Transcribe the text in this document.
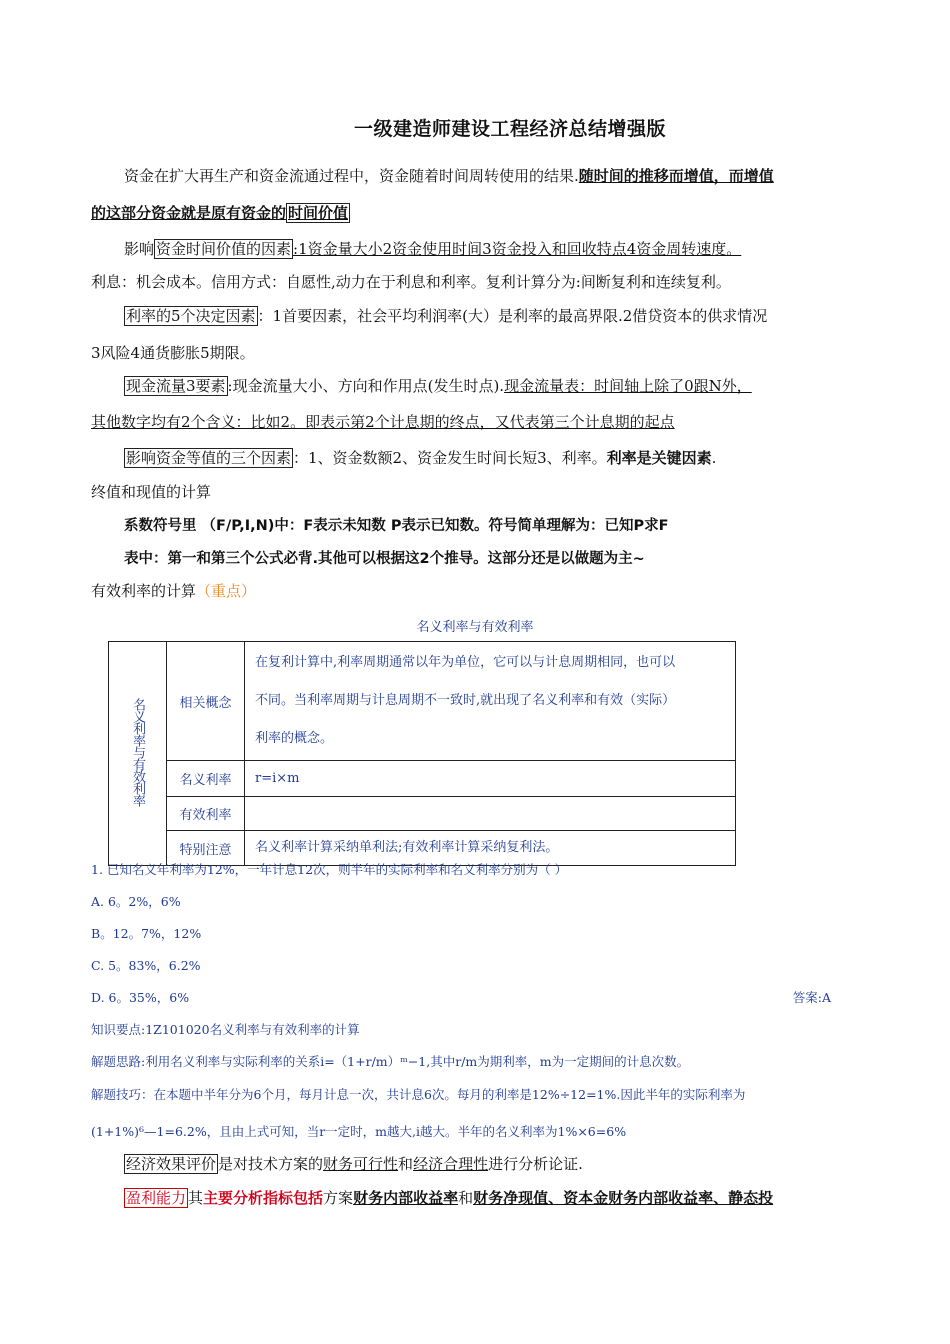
一级建造师建设工程经济总结增强版
资金在扩大再生产和资金流通过程中，资金随着时间周转使用的结果.随时间的推移而增值，而增值
的这部分资金就是原有资金的 时间价值
影响 资金时间价值的因素 :1资金量大小2资金使用时间3资金投入和回收特点4资金周转速度。
利息：机会成本。信用方式：自愿性,动力在于利息和利率。复利计算分为:间断复利和连续复利。
利率的5个决定因素 ：1首要因素，社会平均利润率(大）是利率的最高界限.2借贷资本的供求情况
3风险4通货膨胀5期限。
现金流量3要素 :现金流量大小、方向和作用点(发生时点).现金流量表：时间轴上除了0跟N外，
其他数字均有2个含义：比如2。即表示第2个计息期的终点，又代表第三个计息期的起点
影响资金等值的三个因素 ：1、资金数额2、资金发生时间长短3、利率。利率是关键因素.
终值和现值的计算
系数符号里 （F/P,I,N)中：F表示未知数 P表示已知数。符号简单理解为：已知P求F
表中：第一和第三个公式必背.其他可以根据这2个推导。这部分还是以做题为主~
有效利率的计算（重点）
名义利率与有效利率
名义利率与有效利率	相关概念	在复利计算中,利率周期通常以年为单位，它可以与计息周期相同，也可以
不同。当利率周期与计息周期不一致时,就出现了名义利率和有效（实际）
利率的概念。

	名义利率	r=i×m
	有效利率	
	特别注意	名义利率计算采纳单利法;有效利率计算采纳复利法。
1. 已知名义年利率为12%，一年计息12次，则半年的实际利率和名义利率分别为（ ）
A. 6。2%，6%
B。12。7%，12%
C. 5。83%，6.2%
D. 6。35%，6%	答案:A
知识要点:1Z101020名义利率与有效利率的计算
解题思路:利用名义利率与实际利率的关系i=（1+r/m）ᵐ−1,其中r/m为期利率，m为一定期间的计息次数。
解题技巧：在本题中半年分为6个月，每月计息一次，共计息6次。每月的利率是12%÷12=1%.因此半年的实际利率为
(1+1%)⁶—1=6.2%，且由上式可知，当r一定时，m越大,i越大。半年的名义利率为1%×6=6%
经济效果评价 是对技术方案的财务可行性和经济合理性进行分析论证.
盈利能力 其主要分析指标包括方案财务内部收益率和财务净现值、资本金财务内部收益率、静态投
